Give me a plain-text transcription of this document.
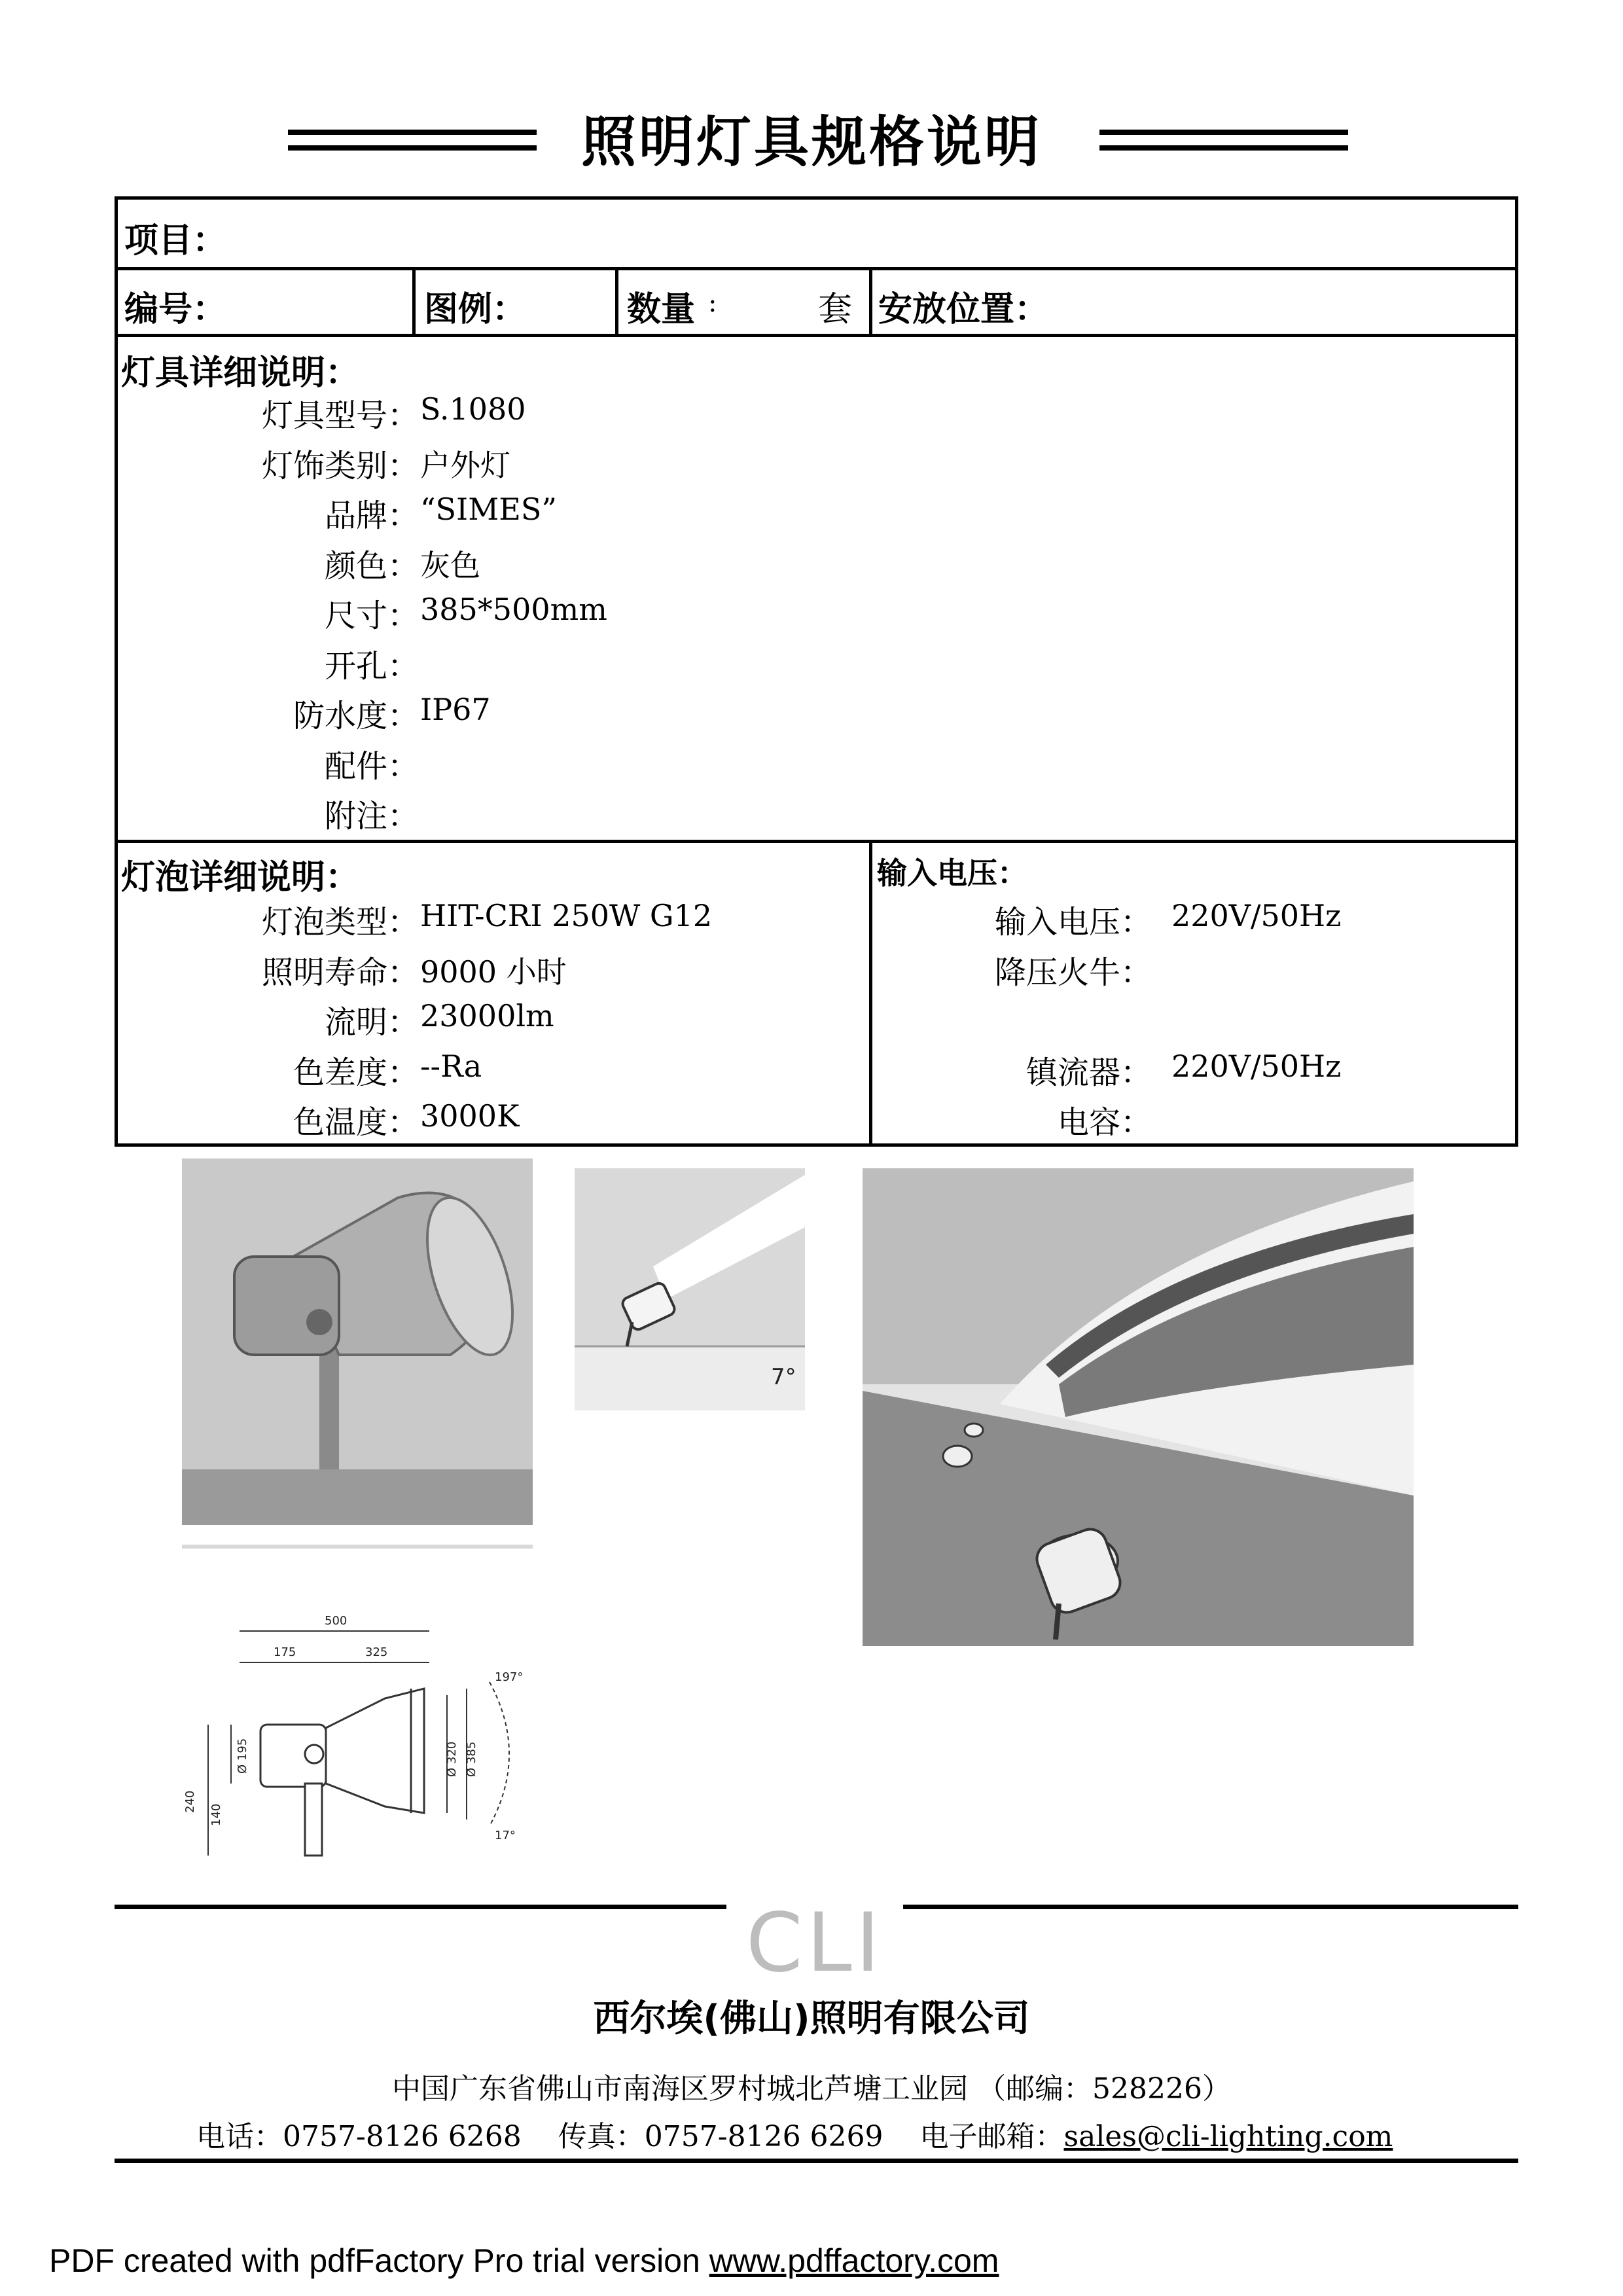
照明灯具规格说明
项目：
编号：	图例：	数量 :	套 安放位置：
灯具详细说明：
灯具型号： S.1080
灯饰类别： 户外灯
品牌： “SIMES”
颜色： 灰色
尺寸： 385*500mm
开孔：
防水度： IP67
配件：
附注：
灯泡详细说明：
灯泡类型： HIT-CRI 250W G12
照明寿命： 9000 小时
流明： 23000lm
色差度： --Ra
色温度： 3000K
输入电压：
输入电压： 220V/50Hz
降压火牛：
镇流器： 220V/50Hz
电容：
7°
500
175	325
240
140
Ø 195	Ø 320 Ø 385
197°
17°
CLI
西尔埃(佛山)照明有限公司
中国广东省佛山市南海区罗村城北芦塘工业园 （邮编：528226）
电话：0757-8126 6268 传真：0757-8126 6269 电子邮箱：sales@cli-lighting.com
PDF created with pdfFactory Pro trial version www.pdffactory.com
